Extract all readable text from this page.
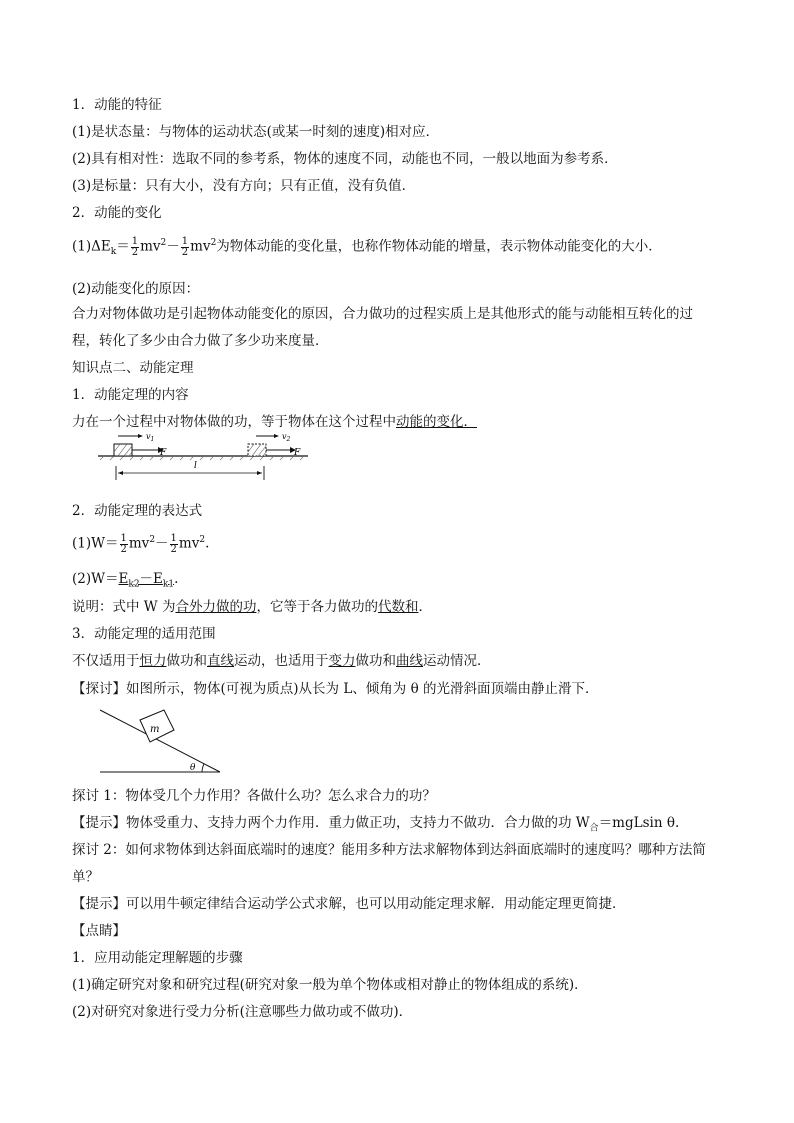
1．动能的特征
(1)是状态量：与物体的运动状态(或某一时刻的速度)相对应．
(2)具有相对性：选取不同的参考系，物体的速度不同，动能也不同，一般以地面为参考系．
(3)是标量：只有大小，没有方向；只有正值，没有负值．
2．动能的变化
$(1)\Delta E_k= \frac{1}{2} mv^2- \frac{1}{2} mv^2$为物体动能的变化量，也称作物体动能的增量，表示物体动能变化的大小．
(2)动能变化的原因：
合力对物体做功是引起物体动能变化的原因，合力做功的过程实质上是其他形式的能与动能相互转化的过
程，转化了多少由合力做了多少功来度量．
知识点二、动能定理
1．动能定理的内容
力在一个过程中对物体做的功，等于物体在这个过程中动能的变化．
F
$v_1$
F
$v_2$
l
2．动能定理的表达式
$(1)W= \frac{1}{2} mv^2- \frac{1}{2} mv^2$.
$(2)W=E_{k2}-E_{k1}$.
说明：式中 W 为合外力做的功，它等于各力做功的代数和．
3．动能定理的适用范围
不仅适用于恒力做功和直线运动，也适用于变力做功和曲线运动情况．
【探讨】如图所示，物体(可视为质点)从长为 L、倾角为 θ 的光滑斜面顶端由静止滑下．
m
θ
探讨 1：物体受几个力作用？各做什么功？怎么求合力的功？
【提示】物体受重力、支持力两个力作用．重力做正功，支持力不做功．合力做的功 $W_合=mgLsin$ θ.
探讨 2：如何求物体到达斜面底端时的速度？能用多种方法求解物体到达斜面底端时的速度吗？哪种方法简
单？
【提示】可以用牛顿定律结合运动学公式求解，也可以用动能定理求解．用动能定理更简捷．
【点睛】
1．应用动能定理解题的步骤
(1)确定研究对象和研究过程(研究对象一般为单个物体或相对静止的物体组成的系统)．
(2)对研究对象进行受力分析(注意哪些力做功或不做功)．
